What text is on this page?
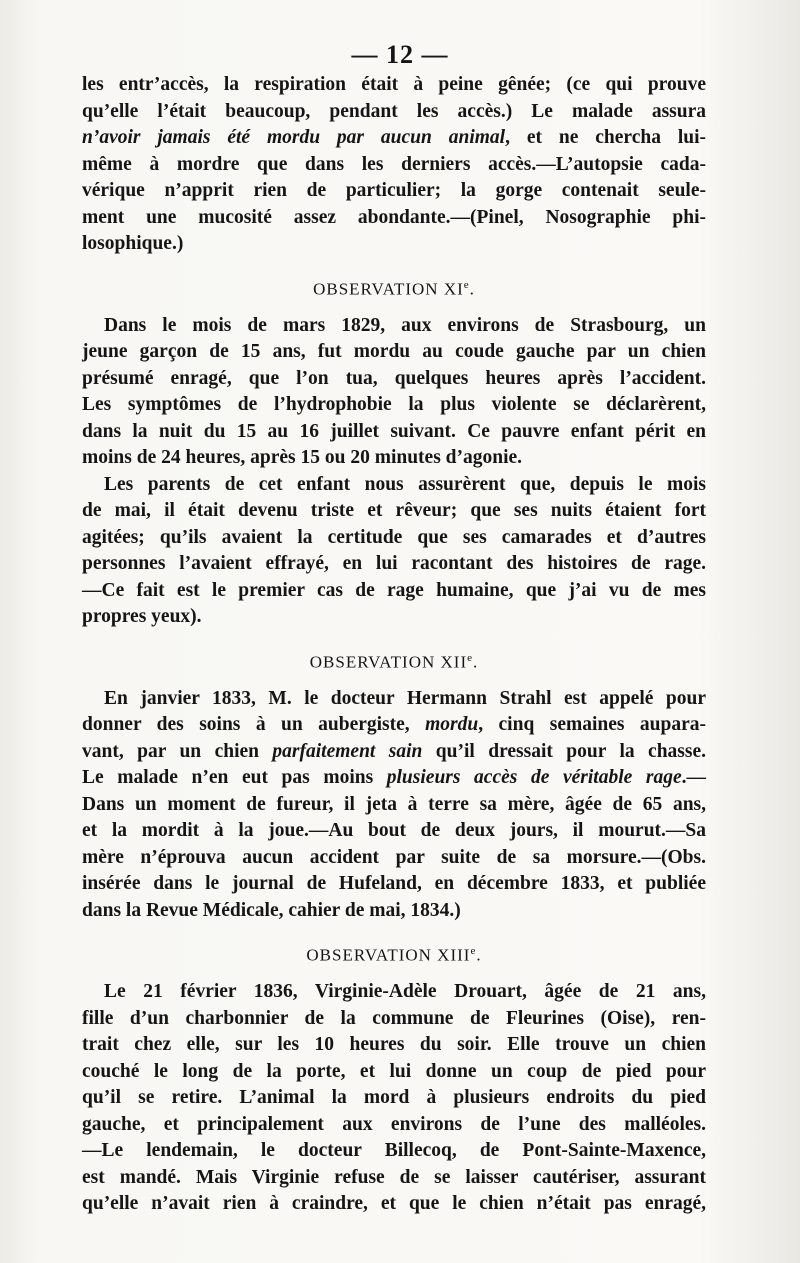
— 12 —
les entr’accès, la respiration était à peine gênée; (ce qui prouve
qu’elle l’était beaucoup, pendant les accès.) Le malade assura
n’avoir jamais été mordu par aucun animal, et ne chercha lui-
même à mordre que dans les derniers accès.—L’autopsie cada-
vérique n’apprit rien de particulier; la gorge contenait seule-
ment une mucosité assez abondante.—(Pinel, Nosographie phi-
losophique.)
OBSERVATION XIe.
Dans le mois de mars 1829, aux environs de Strasbourg, un
jeune garçon de 15 ans, fut mordu au coude gauche par un chien
présumé enragé, que l’on tua, quelques heures après l’accident.
Les symptômes de l’hydrophobie la plus violente se déclarèrent,
dans la nuit du 15 au 16 juillet suivant. Ce pauvre enfant périt en
moins de 24 heures, après 15 ou 20 minutes d’agonie.
Les parents de cet enfant nous assurèrent que, depuis le mois
de mai, il était devenu triste et rêveur; que ses nuits étaient fort
agitées; qu’ils avaient la certitude que ses camarades et d’autres
personnes l’avaient effrayé, en lui racontant des histoires de rage.
—Ce fait est le premier cas de rage humaine, que j’ai vu de mes
propres yeux).
OBSERVATION XIIe.
En janvier 1833, M. le docteur Hermann Strahl est appelé pour
donner des soins à un aubergiste, mordu, cinq semaines aupara-
vant, par un chien parfaitement sain qu’il dressait pour la chasse.
Le malade n’en eut pas moins plusieurs accès de véritable rage.—
Dans un moment de fureur, il jeta à terre sa mère, âgée de 65 ans,
et la mordit à la joue.—Au bout de deux jours, il mourut.—Sa
mère n’éprouva aucun accident par suite de sa morsure.—(Obs.
insérée dans le journal de Hufeland, en décembre 1833, et publiée
dans la Revue Médicale, cahier de mai, 1834.)
OBSERVATION XIIIe.
Le 21 février 1836, Virginie-Adèle Drouart, âgée de 21 ans,
fille d’un charbonnier de la commune de Fleurines (Oise), ren-
trait chez elle, sur les 10 heures du soir. Elle trouve un chien
couché le long de la porte, et lui donne un coup de pied pour
qu’il se retire. L’animal la mord à plusieurs endroits du pied
gauche, et principalement aux environs de l’une des malléoles.
—Le lendemain, le docteur Billecoq, de Pont-Sainte-Maxence,
est mandé. Mais Virginie refuse de se laisser cautériser, assurant
qu’elle n’avait rien à craindre, et que le chien n’était pas enragé,
